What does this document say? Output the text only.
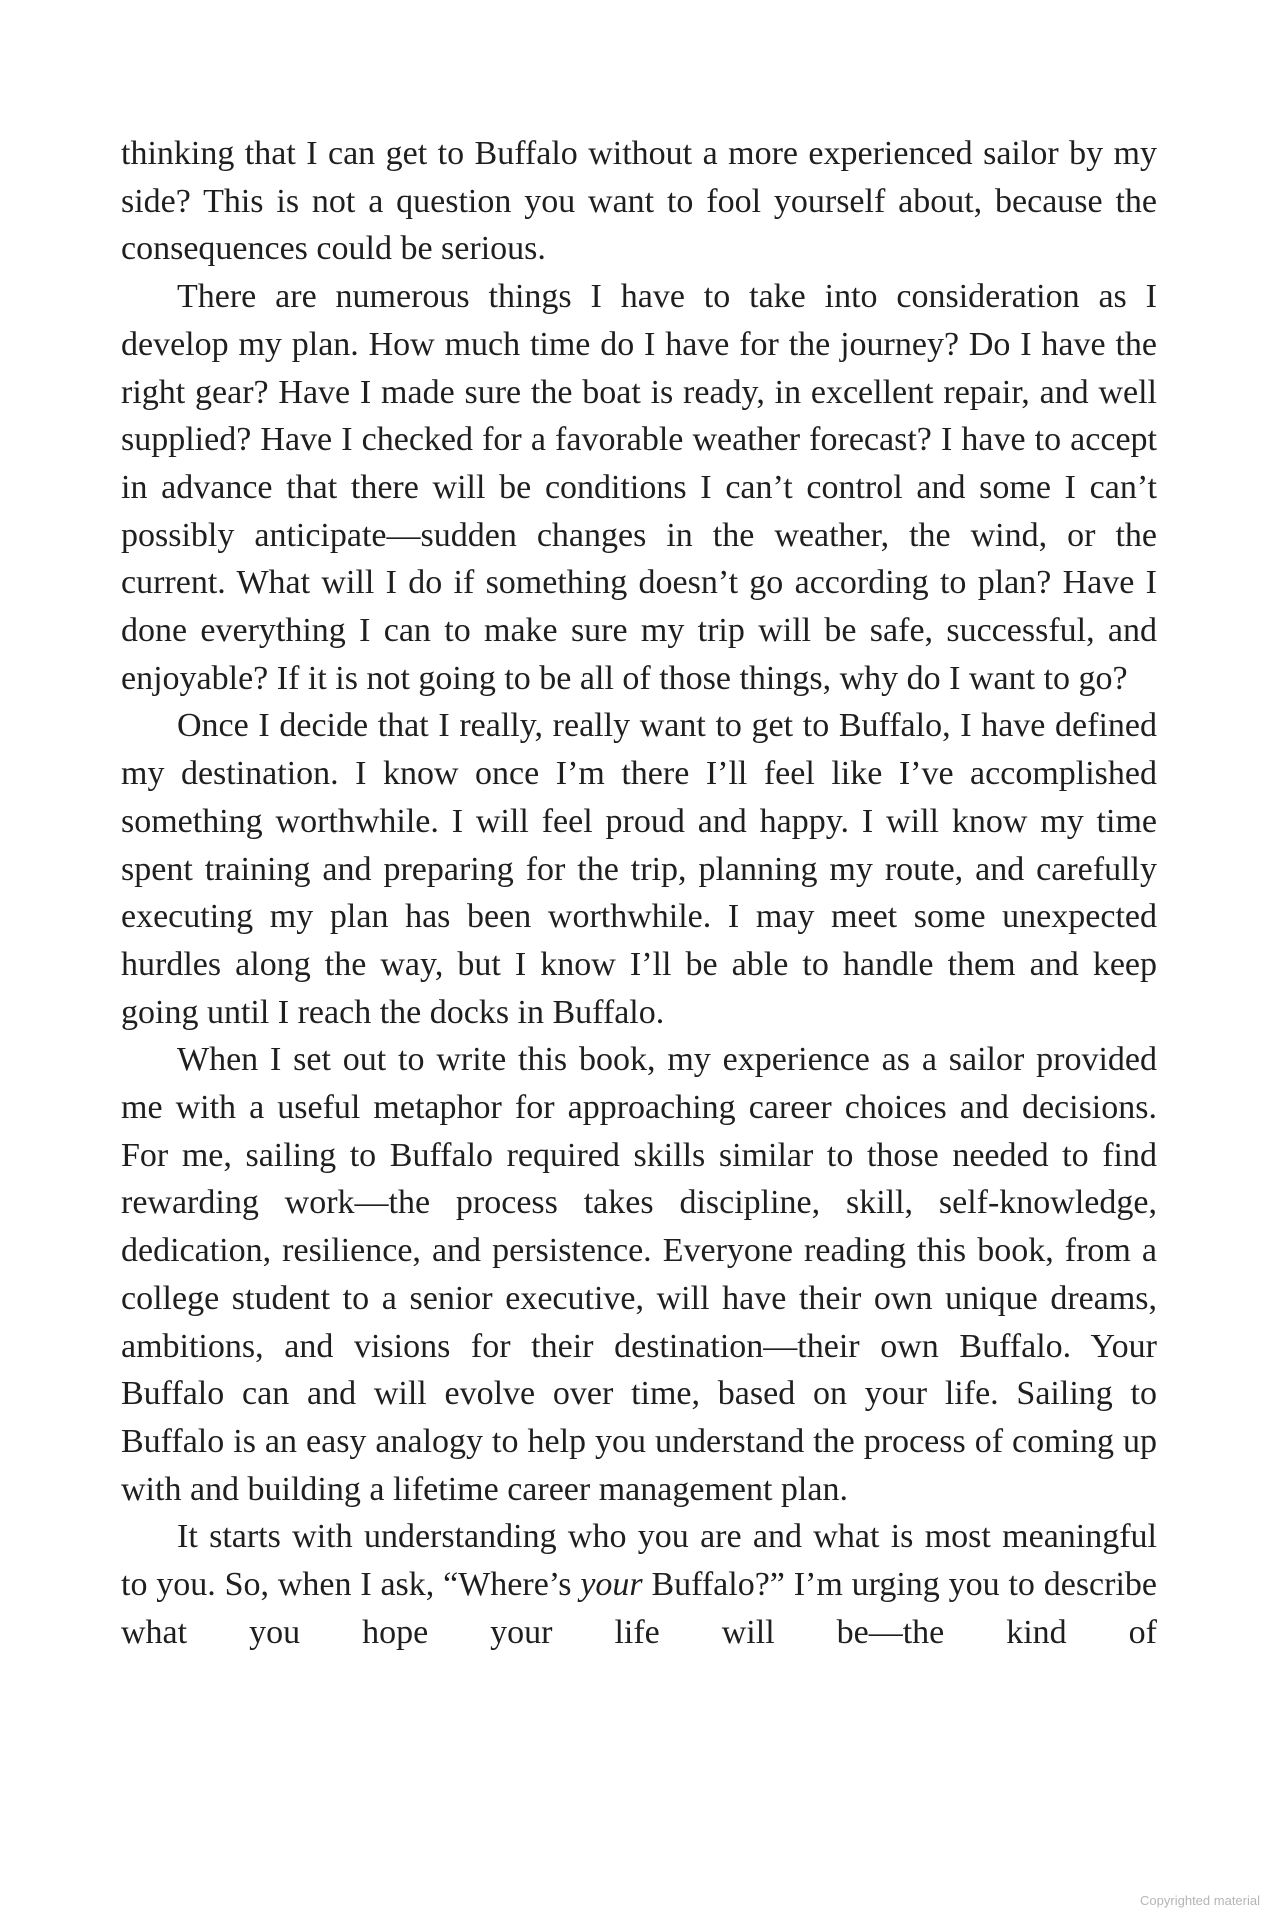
thinking that I can get to Buffalo without a more experienced sailor by my side? This is not a question you want to fool yourself about, because the consequences could be serious.

There are numerous things I have to take into consideration as I develop my plan. How much time do I have for the journey? Do I have the right gear? Have I made sure the boat is ready, in excellent repair, and well supplied? Have I checked for a favorable weather forecast? I have to accept in advance that there will be conditions I can’t control and some I can’t possibly anticipate—sudden changes in the weather, the wind, or the current. What will I do if something doesn’t go according to plan? Have I done everything I can to make sure my trip will be safe, successful, and enjoyable? If it is not going to be all of those things, why do I want to go?

Once I decide that I really, really want to get to Buffalo, I have defined my destination. I know once I’m there I’ll feel like I’ve accomplished something worthwhile. I will feel proud and happy. I will know my time spent training and preparing for the trip, planning my route, and carefully executing my plan has been worthwhile. I may meet some unexpected hurdles along the way, but I know I’ll be able to handle them and keep going until I reach the docks in Buffalo.

When I set out to write this book, my experience as a sailor provided me with a useful metaphor for approaching career choices and decisions. For me, sailing to Buffalo required skills similar to those needed to find rewarding work—the process takes discipline, skill, self-knowledge, dedication, resilience, and persistence. Everyone reading this book, from a college student to a senior executive, will have their own unique dreams, ambitions, and visions for their destination—their own Buffalo. Your Buffalo can and will evolve over time, based on your life. Sailing to Buffalo is an easy analogy to help you understand the process of coming up with and building a lifetime career management plan.

It starts with understanding who you are and what is most meaningful to you. So, when I ask, “Where’s your Buffalo?” I’m urging you to describe what you hope your life will be—the kind of

Copyrighted material
